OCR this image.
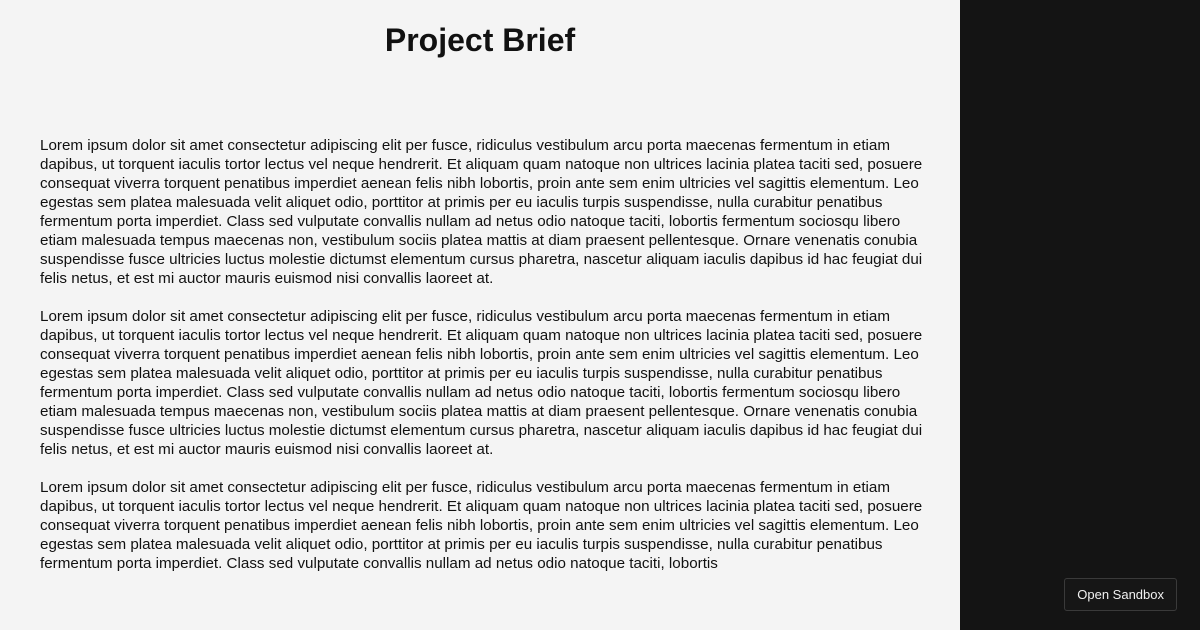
Project Brief

Lorem ipsum dolor sit amet consectetur adipiscing elit per fusce, ridiculus vestibulum arcu porta maecenas fermentum in etiam dapibus, ut torquent iaculis tortor lectus vel neque hendrerit. Et aliquam quam natoque non ultrices lacinia platea taciti sed, posuere consequat viverra torquent penatibus imperdiet aenean felis nibh lobortis, proin ante sem enim ultricies vel sagittis elementum. Leo egestas sem platea malesuada velit aliquet odio, porttitor at primis per eu iaculis turpis suspendisse, nulla curabitur penatibus fermentum porta imperdiet. Class sed vulputate convallis nullam ad netus odio natoque taciti, lobortis fermentum sociosqu libero etiam malesuada tempus maecenas non, vestibulum sociis platea mattis at diam praesent pellentesque. Ornare venenatis conubia suspendisse fusce ultricies luctus molestie dictumst elementum cursus pharetra, nascetur aliquam iaculis dapibus id hac feugiat dui felis netus, et est mi auctor mauris euismod nisi convallis laoreet at.

Lorem ipsum dolor sit amet consectetur adipiscing elit per fusce, ridiculus vestibulum arcu porta maecenas fermentum in etiam dapibus, ut torquent iaculis tortor lectus vel neque hendrerit. Et aliquam quam natoque non ultrices lacinia platea taciti sed, posuere consequat viverra torquent penatibus imperdiet aenean felis nibh lobortis, proin ante sem enim ultricies vel sagittis elementum. Leo egestas sem platea malesuada velit aliquet odio, porttitor at primis per eu iaculis turpis suspendisse, nulla curabitur penatibus fermentum porta imperdiet. Class sed vulputate convallis nullam ad netus odio natoque taciti, lobortis fermentum sociosqu libero etiam malesuada tempus maecenas non, vestibulum sociis platea mattis at diam praesent pellentesque. Ornare venenatis conubia suspendisse fusce ultricies luctus molestie dictumst elementum cursus pharetra, nascetur aliquam iaculis dapibus id hac feugiat dui felis netus, et est mi auctor mauris euismod nisi convallis laoreet at.

Lorem ipsum dolor sit amet consectetur adipiscing elit per fusce, ridiculus vestibulum arcu porta maecenas fermentum in etiam dapibus, ut torquent iaculis tortor lectus vel neque hendrerit. Et aliquam quam natoque non ultrices lacinia platea taciti sed, posuere consequat viverra torquent penatibus imperdiet aenean felis nibh lobortis, proin ante sem enim ultricies vel sagittis elementum. Leo egestas sem platea malesuada velit aliquet odio, porttitor at primis per eu iaculis turpis suspendisse, nulla curabitur penatibus fermentum porta imperdiet. Class sed vulputate convallis nullam ad netus odio natoque taciti, lobortis

Open Sandbox
